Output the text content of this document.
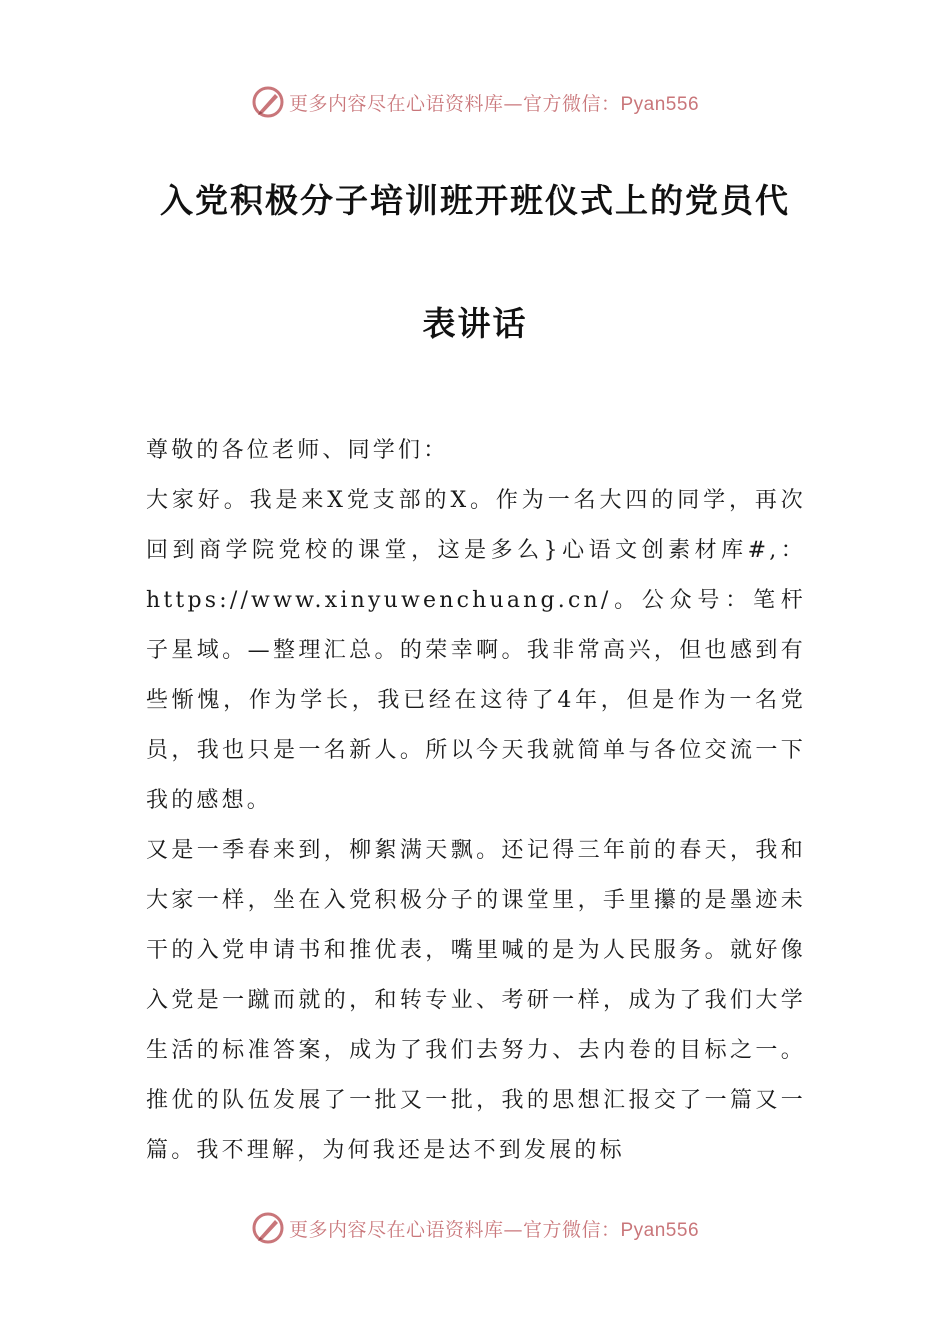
更多内容尽在心语资料库—官方微信：Pyan556
入党积极分子培训班开班仪式上的党员代
表讲话

尊敬的各位老师、同学们：

大家好。我是来X党支部的X。作为一名大四的同学，再次回到商学院党校的课堂，这是多么}心语文创素材库#,：https://www.xinyuwenchuang.cn/。公众号：笔杆子星域。—整理汇总。的荣幸啊。我非常高兴，但也感到有些惭愧，作为学长，我已经在这待了4年，但是作为一名党员，我也只是一名新人。所以今天我就简单与各位交流一下我的感想。

又是一季春来到，柳絮满天飘。还记得三年前的春天，我和大家一样，坐在入党积极分子的课堂里，手里攥的是墨迹未干的入党申请书和推优表，嘴里喊的是为人民服务。就好像入党是一蹴而就的，和转专业、考研一样，成为了我们大学生活的标准答案，成为了我们去努力、去内卷的目标之一。推优的队伍发展了一批又一批，我的思想汇报交了一篇又一篇。我不理解，为何我还是达不到发展的标

更多内容尽在心语资料库—官方微信：Pyan556
